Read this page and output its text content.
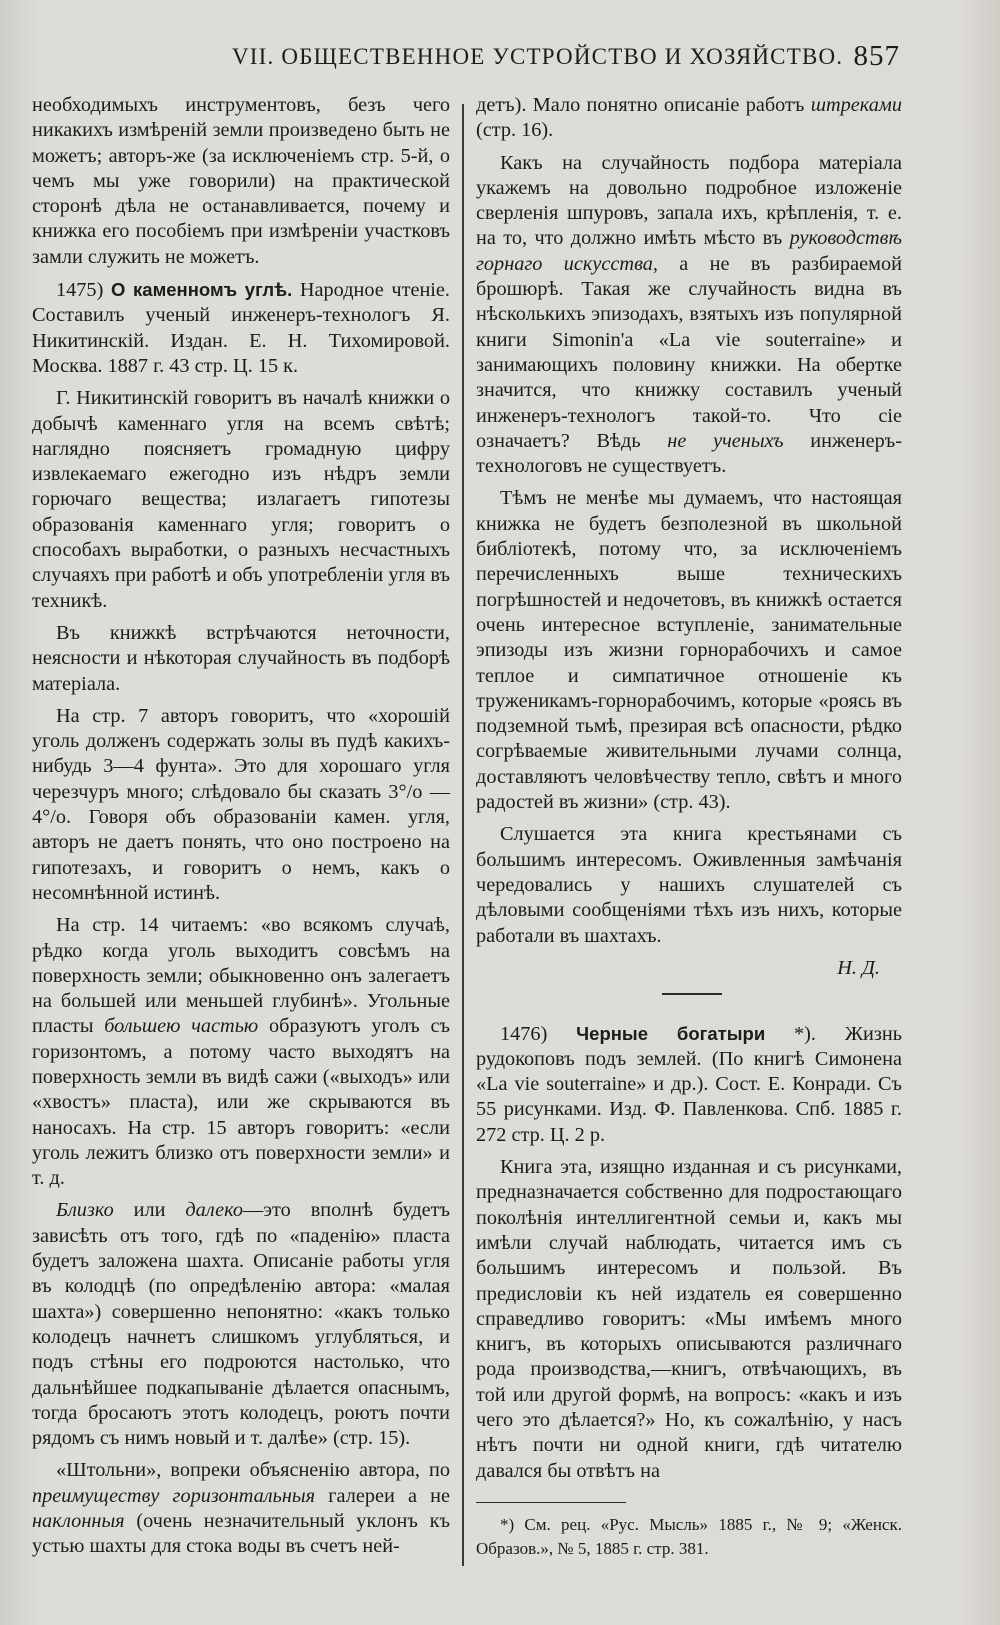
VII. ОБЩЕСТВЕННОЕ УСТРОЙСТВО И ХОЗЯЙСТВО. 857

необходимыхъ инструментовъ, безъ чего никакихъ измѣреній земли произведено быть не можетъ; авторъ-же (за исключеніемъ стр. 5-й, о чемъ мы уже говорили) на практической сторонѣ дѣла не останавливается, почему и книжка его пособіемъ при измѣреніи участковъ замли служить не можетъ.

1475) О каменномъ углѣ. Народное чтеніе. Составилъ ученый инженеръ-технологъ Я. Никитинскій. Издан. Е. Н. Тихомировой. Москва. 1887 г. 43 стр. Ц. 15 к.

Г. Никитинскій говоритъ въ началѣ книжки о добычѣ каменнаго угля на всемъ свѣтѣ; наглядно поясняетъ громадную цифру извлекаемаго ежегодно изъ нѣдръ земли горючаго вещества; излагаетъ гипотезы образованія каменнаго угля; говоритъ о способахъ выработки, о разныхъ несчастныхъ случаяхъ при работѣ и объ употребленіи угля въ техникѣ.

Въ книжкѣ встрѣчаются неточности, неясности и нѣкоторая случайность въ подборѣ матеріала.

На стр. 7 авторъ говоритъ, что «хорошій уголь долженъ содержать золы въ пудѣ какихъ-нибудь 3—4 фунта». Это для хорошаго угля черезчуръ много; слѣдовало бы сказать 3°/о — 4°/о. Говоря объ образованіи камен. угля, авторъ не даетъ понять, что оно построено на гипотезахъ, и говоритъ о немъ, какъ о несомнѣнной истинѣ.

На стр. 14 читаемъ: «во всякомъ случаѣ, рѣдко когда уголь выходитъ совсѣмъ на поверхность земли; обыкновенно онъ залегаетъ на большей или меньшей глубинѣ». Угольные пласты большею частью образуютъ уголъ съ горизонтомъ, а потому часто выходятъ на поверхность земли въ видѣ сажи («выходъ» или «хвостъ» пласта), или же скрываются въ наносахъ. На стр. 15 авторъ говоритъ: «если уголь лежитъ близко отъ поверхности земли» и т. д.

Близко или далеко—это вполнѣ будетъ зависѣть отъ того, гдѣ по «паденію» пласта будетъ заложена шахта. Описаніе работы угля въ колодцѣ (по опредѣленію автора: «малая шахта») совершенно непонятно: «какъ только колодецъ начнетъ слишкомъ углубляться, и подъ стѣны его подроются настолько, что дальнѣйшее подкапываніе дѣлается опаснымъ, тогда бросаютъ этотъ колодецъ, роютъ почти рядомъ съ нимъ новый и т. далѣе» (стр. 15).

«Штольни», вопреки объясненію автора, по преимуществу горизонтальныя галереи а не наклонныя (очень незначительный уклонъ къ устью шахты для стока воды въ счетъ ней-

детъ). Мало понятно описаніе работъ штреками (стр. 16).

Какъ на случайность подбора матеріала укажемъ на довольно подробное изложеніе сверленія шпуровъ, запала ихъ, крѣпленія, т. е. на то, что должно имѣть мѣсто въ руководствѣ горнаго искусства, а не въ разбираемой брошюрѣ. Такая же случайность видна въ нѣсколькихъ эпизодахъ, взятыхъ изъ популярной книги Simonin'a «La vie souterraine» и занимающихъ половину книжки. На обертке значится, что книжку составилъ ученый инженеръ-технологъ такой-то. Что сіе означаетъ? Вѣдь не ученыхъ инженеръ-технологовъ не существуетъ.

Тѣмъ не менѣе мы думаемъ, что настоящая книжка не будетъ безполезной въ школьной библіотекѣ, потому что, за исключеніемъ перечисленныхъ выше техническихъ погрѣшностей и недочетовъ, въ книжкѣ остается очень интересное вступленіе, занимательные эпизоды изъ жизни горнорабочихъ и самое теплое и симпатичное отношеніе къ труженикамъ-горнорабочимъ, которые «роясь въ подземной тьмѣ, презирая всѣ опасности, рѣдко согрѣваемые живительными лучами солнца, доставляютъ человѣчеству тепло, свѣтъ и много радостей въ жизни» (стр. 43).

Слушается эта книга крестьянами съ большимъ интересомъ. Оживленныя замѣчанія чередовались у нашихъ слушателей съ дѣловыми сообщеніями тѣхъ изъ нихъ, которые работали въ шахтахъ.

Н. Д.

1476) Черные богатыри *). Жизнь рудокоповъ подъ землей. (По книгѣ Симонена «La vie souterraine» и др.). Сост. Е. Конради. Съ 55 рисунками. Изд. Ф. Павленкова. Спб. 1885 г. 272 стр. Ц. 2 р.

Книга эта, изящно изданная и съ рисунками, предназначается собственно для подростающаго поколѣнія интеллигентной семьи и, какъ мы имѣли случай наблюдать, читается имъ съ большимъ интересомъ и пользой. Въ предисловіи къ ней издатель ея совершенно справедливо говоритъ: «Мы имѣемъ много книгъ, въ которыхъ описываются различнаго рода производства,—книгъ, отвѣчающихъ, въ той или другой формѣ, на вопросъ: «какъ и изъ чего это дѣлается?» Но, къ сожалѣнію, у насъ нѣтъ почти ни одной книги, гдѣ читателю давался бы отвѣтъ на

*) См. рец. «Рус. Мысль» 1885 г., № 9; «Женск. Образов.», № 5, 1885 г. стр. 381.
